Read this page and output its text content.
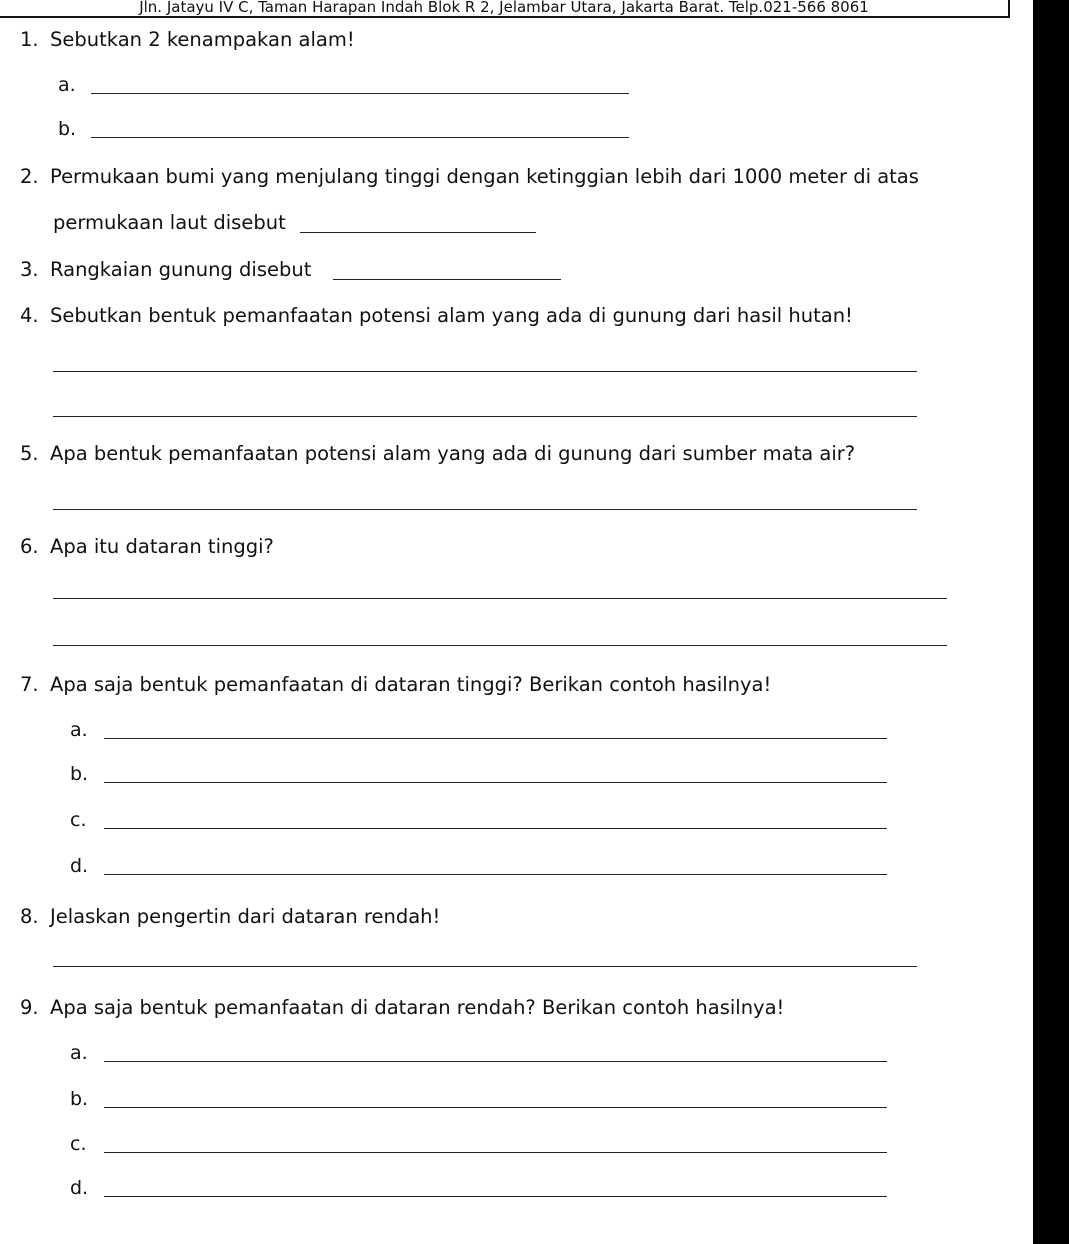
Jln. Jatayu IV C, Taman Harapan Indah Blok R 2, Jelambar Utara, Jakarta Barat. Telp.021-566 8061
1. Sebutkan 2 kenampakan alam!
a.
b.
2. Permukaan bumi yang menjulang tinggi dengan ketinggian lebih dari 1000 meter di atas
permukaan laut disebut
3. Rangkaian gunung disebut
4. Sebutkan bentuk pemanfaatan potensi alam yang ada di gunung dari hasil hutan!
5. Apa bentuk pemanfaatan potensi alam yang ada di gunung dari sumber mata air?
6. Apa itu dataran tinggi?
7. Apa saja bentuk pemanfaatan di dataran tinggi? Berikan contoh hasilnya!
a.
b.
c.
d.
8. Jelaskan pengertin dari dataran rendah!
9. Apa saja bentuk pemanfaatan di dataran rendah? Berikan contoh hasilnya!
a.
b.
c.
d.
